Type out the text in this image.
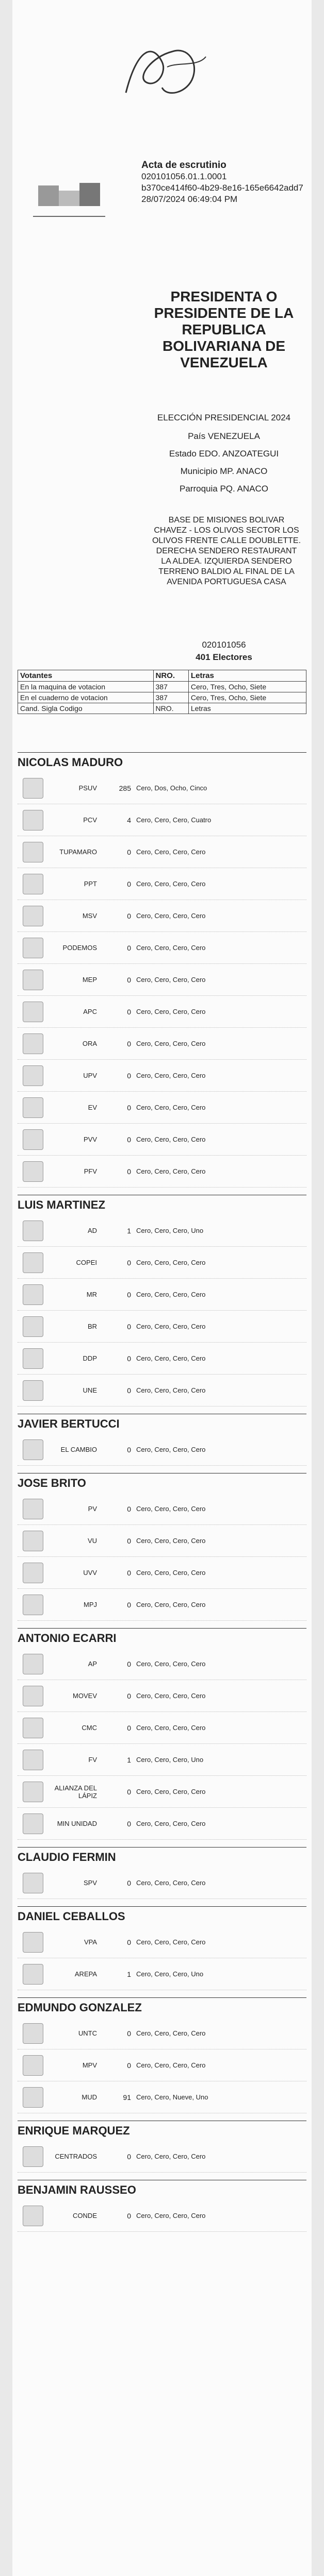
Acta de escrutinio
020101056.01.1.0001
b370ce414f60-4b29-8e16-165e6642add7
28/07/2024 06:49:04 PM
PRESIDENTA O PRESIDENTE DE LA REPUBLICA BOLIVARIANA DE VENEZUELA
ELECCIÓN PRESIDENCIAL 2024
País VENEZUELA
Estado EDO. ANZOATEGUI
Municipio MP. ANACO
Parroquia PQ. ANACO
BASE DE MISIONES BOLIVAR CHAVEZ - LOS OLIVOS SECTOR LOS OLIVOS FRENTE CALLE DOUBLETTE. DERECHA SENDERO RESTAURANT LA ALDEA. IZQUIERDA SENDERO TERRENO BALDIO AL FINAL DE LA AVENIDA PORTUGUESA CASA
020101056
401 Electores
Votantes	NRO.	Letras
En la maquina de votacion	387	Cero, Tres, Ocho, Siete
En el cuaderno de votacion	387	Cero, Tres, Ocho, Siete
Cand. Sigla Codigo	NRO.	Letras
NICOLAS MADURO
PSUV	285 Cero, Dos, Ocho, Cinco
PCV	4 Cero, Cero, Cero, Cuatro
TUPAMARO	0 Cero, Cero, Cero, Cero
PPT	0 Cero, Cero, Cero, Cero
MSV	0 Cero, Cero, Cero, Cero
PODEMOS	0 Cero, Cero, Cero, Cero
MEP	0 Cero, Cero, Cero, Cero
APC	0 Cero, Cero, Cero, Cero
ORA	0 Cero, Cero, Cero, Cero
UPV	0 Cero, Cero, Cero, Cero
EV	0 Cero, Cero, Cero, Cero
PVV	0 Cero, Cero, Cero, Cero
PFV	0 Cero, Cero, Cero, Cero
LUIS MARTINEZ
AD	1 Cero, Cero, Cero, Uno
COPEI	0 Cero, Cero, Cero, Cero
MR	0 Cero, Cero, Cero, Cero
BR	0 Cero, Cero, Cero, Cero
DDP	0 Cero, Cero, Cero, Cero
UNE	0 Cero, Cero, Cero, Cero
JAVIER BERTUCCI
EL CAMBIO	0 Cero, Cero, Cero, Cero
JOSE BRITO
PV	0 Cero, Cero, Cero, Cero
VU	0 Cero, Cero, Cero, Cero
UVV	0 Cero, Cero, Cero, Cero
MPJ	0 Cero, Cero, Cero, Cero
ANTONIO ECARRI
AP	0 Cero, Cero, Cero, Cero
MOVEV	0 Cero, Cero, Cero, Cero
CMC	0 Cero, Cero, Cero, Cero
FV	1 Cero, Cero, Cero, Uno
ALIANZA DEL LÁPIZ	0 Cero, Cero, Cero, Cero
MIN UNIDAD	0 Cero, Cero, Cero, Cero
CLAUDIO FERMIN
SPV	0 Cero, Cero, Cero, Cero
DANIEL CEBALLOS
VPA	0 Cero, Cero, Cero, Cero
AREPA	1 Cero, Cero, Cero, Uno
EDMUNDO GONZALEZ
UNTC	0 Cero, Cero, Cero, Cero
MPV	0 Cero, Cero, Cero, Cero
MUD	91 Cero, Cero, Nueve, Uno
ENRIQUE MARQUEZ
CENTRADOS	0 Cero, Cero, Cero, Cero
BENJAMIN RAUSSEO
CONDE	0 Cero, Cero, Cero, Cero
